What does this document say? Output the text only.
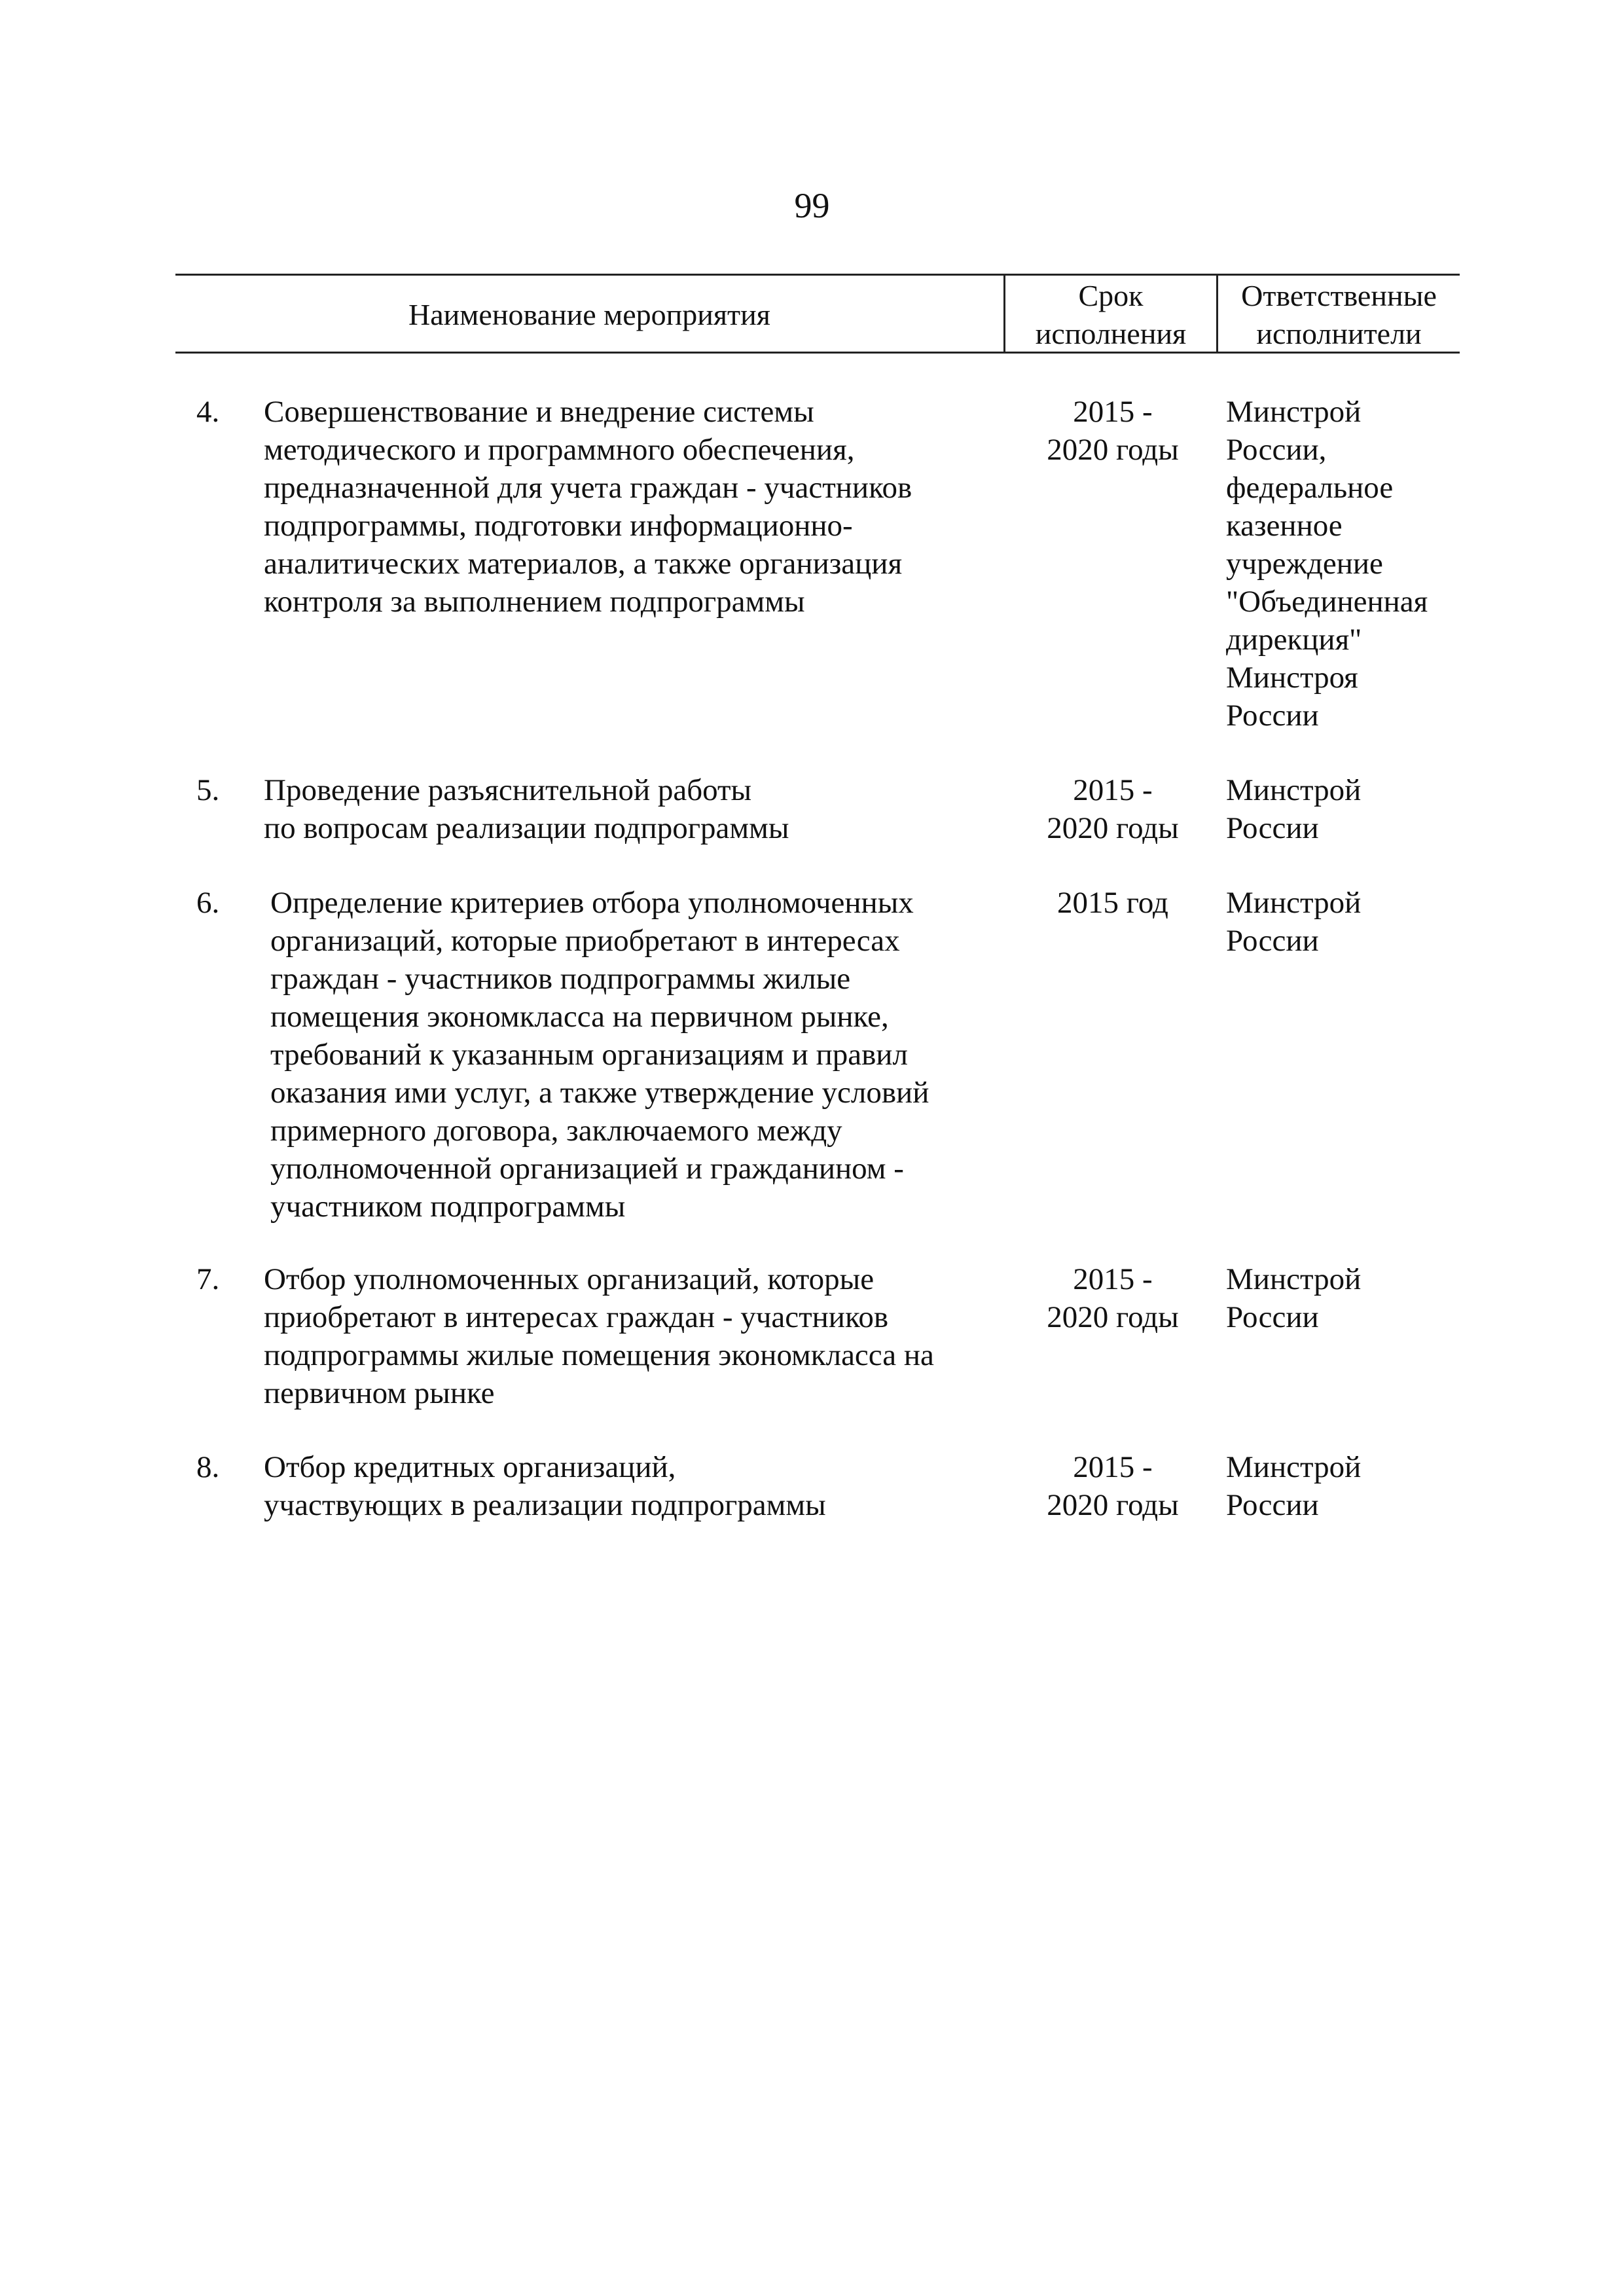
99
Наименование мероприятия
Срок
исполнения
Ответственные
исполнители
4. Совершенствование и внедрение системы
методического и программного обеспечения,
предназначенной для учета граждан - участников
подпрограммы, подготовки информационно-
аналитических материалов, а также организация
контроля за выполнением подпрограммы
2015 -
2020 годы
Минстрой
России,
федеральное
казенное
учреждение
"Объединенная
дирекция"
Минстроя
России
5. Проведение разъяснительной работы
по вопросам реализации подпрограммы
2015 -
2020 годы
Минстрой
России
6. Определение критериев отбора уполномоченных
организаций, которые приобретают в интересах
граждан - участников подпрограммы жилые
помещения экономкласса на первичном рынке,
требований к указанным организациям и правил
оказания ими услуг, а также утверждение условий
примерного договора, заключаемого между
уполномоченной организацией и гражданином -
участником подпрограммы
2015 год	Минстрой
России
7. Отбор уполномоченных организаций, которые
приобретают в интересах граждан - участников
подпрограммы жилые помещения экономкласса на
первичном рынке
2015 -
2020 годы
Минстрой
России
8. Отбор кредитных организаций,
участвующих в реализации подпрограммы
2015 -
2020 годы
Минстрой
России
